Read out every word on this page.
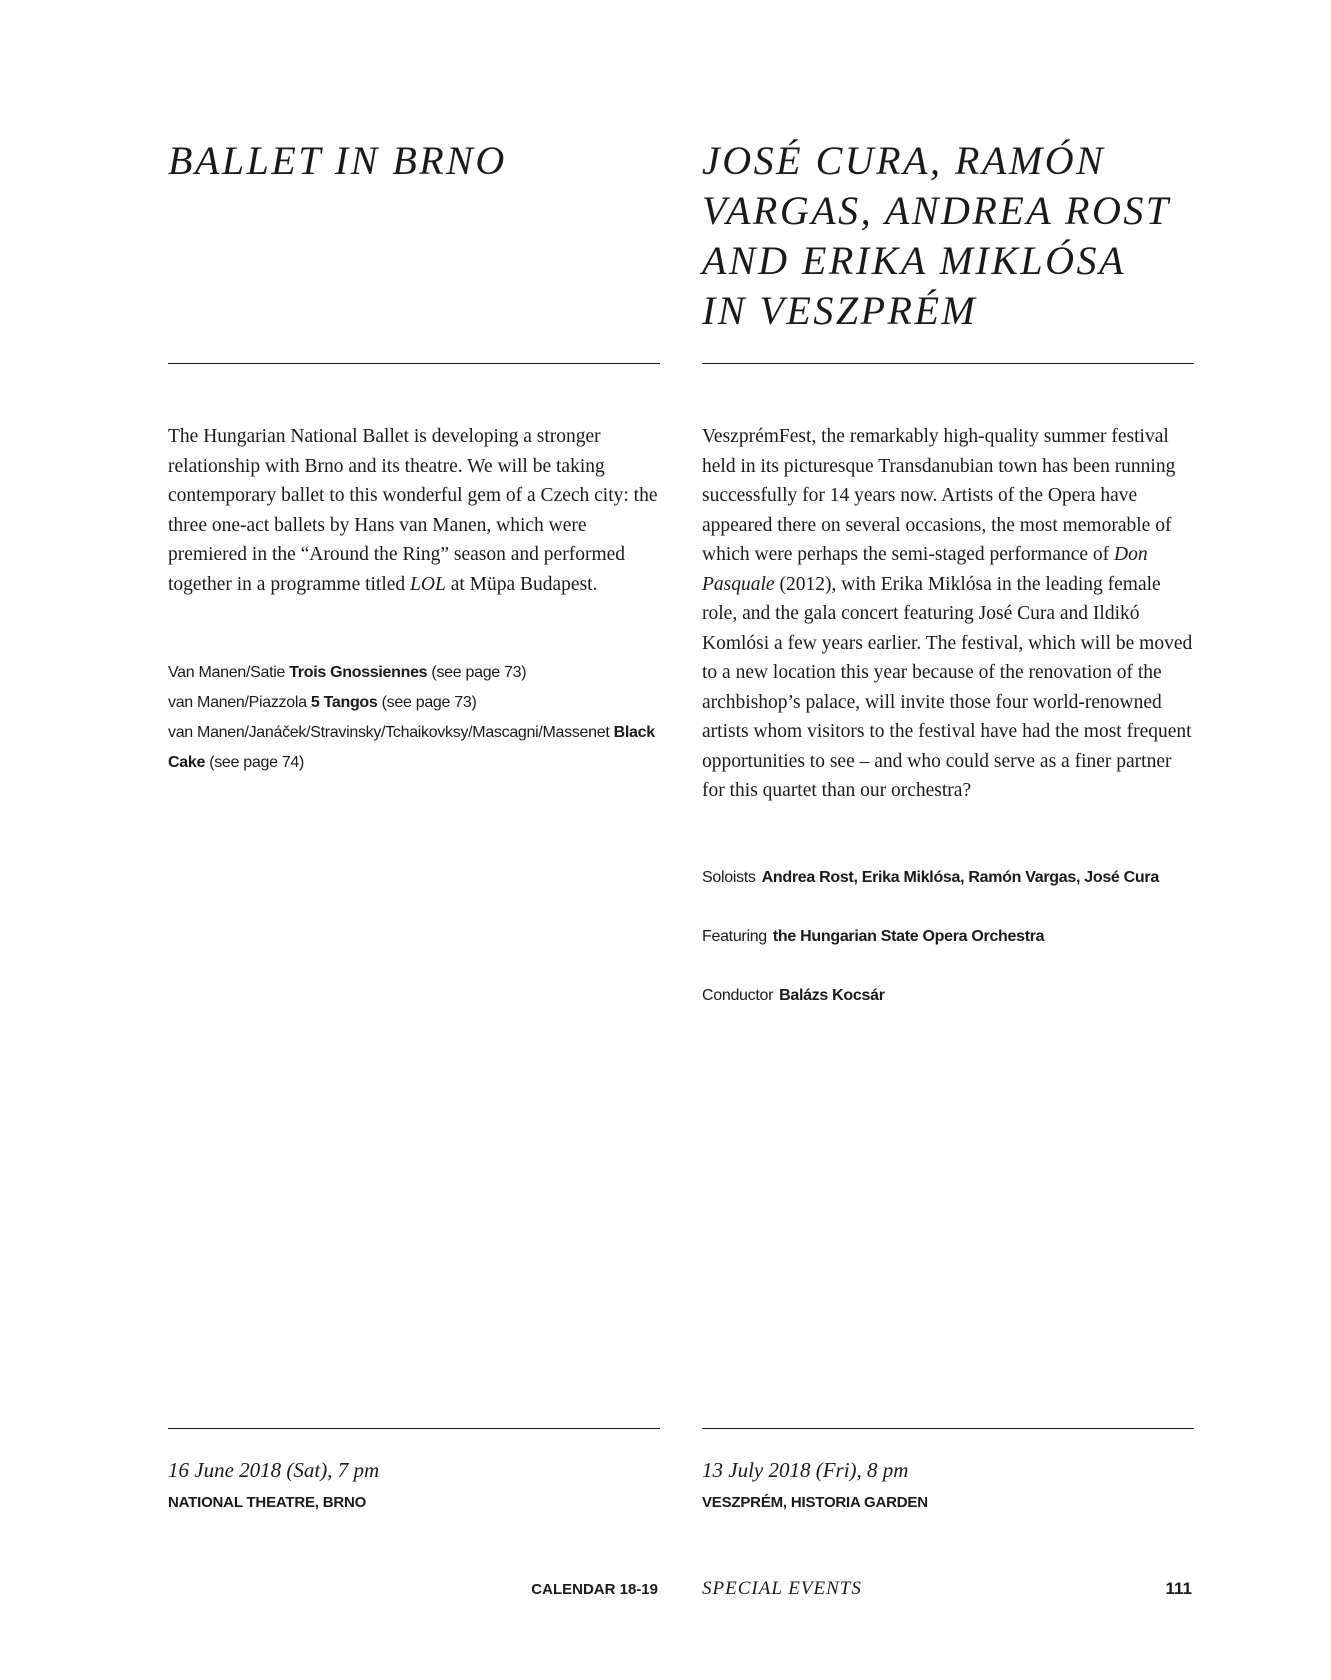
BALLET IN BRNO

The Hungarian National Ballet is developing a stronger relationship with Brno and its theatre. We will be taking contemporary ballet to this wonderful gem of a Czech city: the three one-act ballets by Hans van Manen, which were premiered in the “Around the Ring” season and performed together in a programme titled LOL at Müpa Budapest.

Van Manen/Satie Trois Gnossiennes (see page 73)
van Manen/Piazzola 5 Tangos (see page 73)
van Manen/Janáček/Stravinsky/Tchaikovksy/Mascagni/Massenet Black Cake (see page 74)
16 June 2018 (Sat), 7 pm
NATIONAL THEATRE, BRNO
JOSÉ CURA, RAMÓN
VARGAS, ANDREA ROST
AND ERIKA MIKLÓSA
IN VESZPRÉM

VeszprémFest, the remarkably high-quality summer festival held in its picturesque Transdanubian town has been running successfully for 14 years now. Artists of the Opera have appeared there on several occasions, the most memorable of which were perhaps the semi-staged performance of Don Pasquale (2012), with Erika Miklósa in the leading female role, and the gala concert featuring José Cura and Ildikó Komlósi a few years earlier. The festival, which will be moved to a new location this year because of the renovation of the archbishop’s palace, will invite those four world-renowned artists whom visitors to the festival have had the most frequent opportunities to see – and who could serve as a finer partner for this quartet than our orchestra?

Soloists Andrea Rost, Erika Miklósa, Ramón Vargas, José Cura
Featuring the Hungarian State Opera Orchestra
Conductor Balázs Kocsár
13 July 2018 (Fri), 8 pm
VESZPRÉM, HISTORIA GARDEN
CALENDAR 18-19 SPECIAL EVENTS	111
